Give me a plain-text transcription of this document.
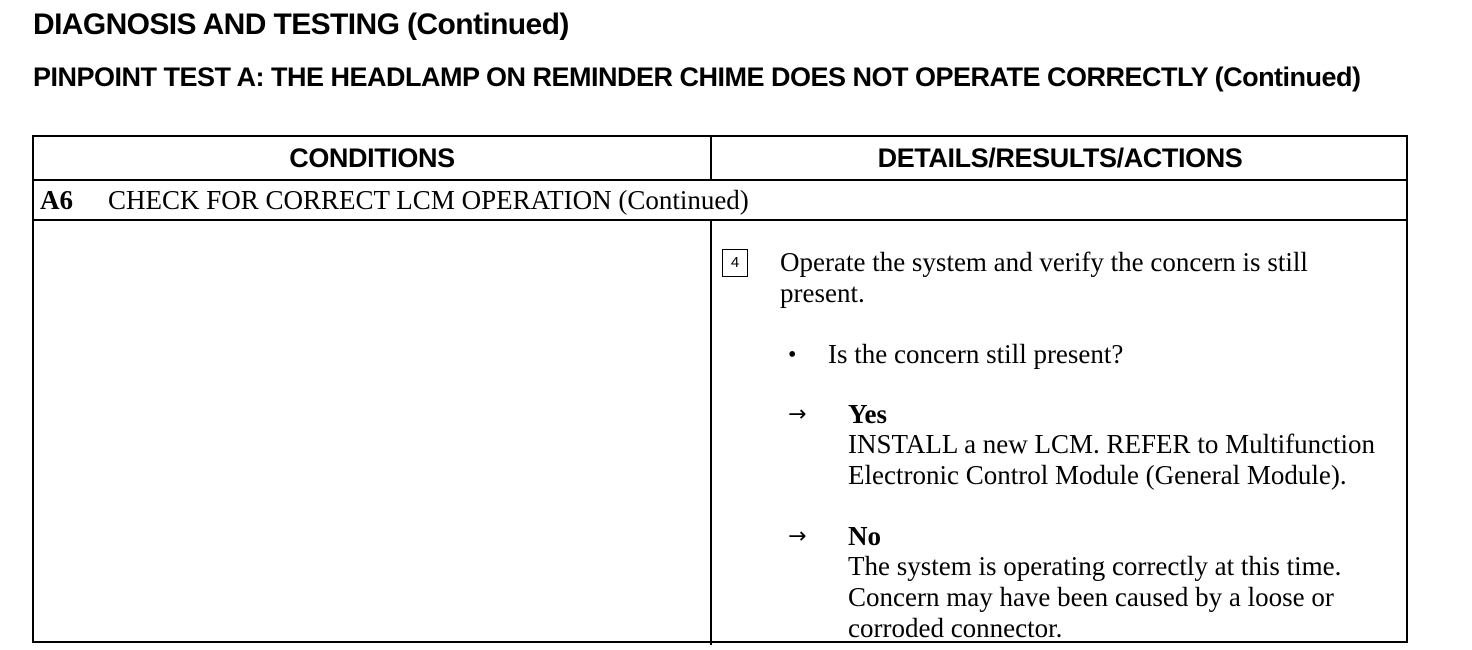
DIAGNOSIS AND TESTING (Continued)
PINPOINT TEST A: THE HEADLAMP ON REMINDER CHIME DOES NOT OPERATE CORRECTLY (Continued)
CONDITIONS	DETAILS/RESULTS/ACTIONS
A6 CHECK FOR CORRECT LCM OPERATION (Continued)
4	Operate the system and verify the concern is still present.
• Is the concern still present?
→ Yes
INSTALL a new LCM. REFER to Multifunction Electronic Control Module (General Module).
→ No
The system is operating correctly at this time. Concern may have been caused by a loose or corroded connector.
